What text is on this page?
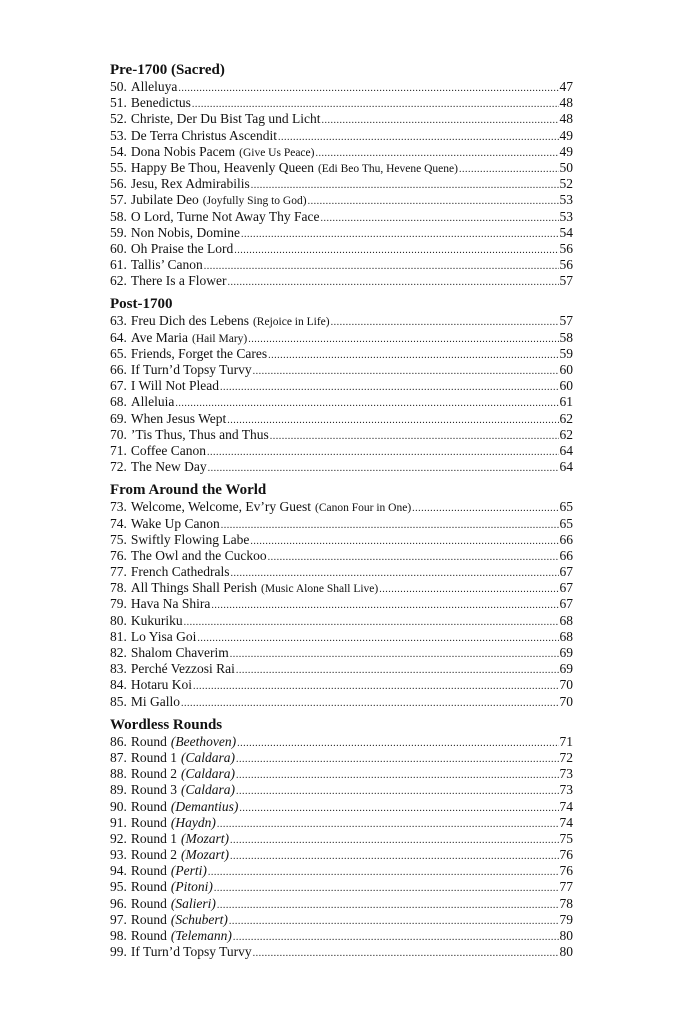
Pre-1700 (Sacred)
50. Alleluya .....	47
51. Benedictus .....	48
52. Christe, Der Du Bist Tag und Licht .....	48
53. De Terra Christus Ascendit .....	49
54. Dona Nobis Pacem (Give Us Peace) .....	49
55. Happy Be Thou, Heavenly Queen (Edi Beo Thu, Hevene Quene) .....	50
56. Jesu, Rex Admirabilis .....	52
57. Jubilate Deo (Joyfully Sing to God) .....	53
58. O Lord, Turne Not Away Thy Face .....	53
59. Non Nobis, Domine .....	54
60. Oh Praise the Lord .....	56
61. Tallis’ Canon .....	56
62. There Is a Flower .....	57
Post-1700
63. Freu Dich des Lebens (Rejoice in Life) .....	57
64. Ave Maria (Hail Mary) .....	58
65. Friends, Forget the Cares .....	59
66. If Turn’d Topsy Turvy .....	60
67. I Will Not Plead .....	60
68. Alleluia .....	61
69. When Jesus Wept .....	62
70. ’Tis Thus, Thus and Thus .....	62
71. Coffee Canon .....	64
72. The New Day .....	64
From Around the World
73. Welcome, Welcome, Ev’ry Guest (Canon Four in One) .....	65
74. Wake Up Canon .....	65
75. Swiftly Flowing Labe .....	66
76. The Owl and the Cuckoo .....	66
77. French Cathedrals .....	67
78. All Things Shall Perish (Music Alone Shall Live) .....	67
79. Hava Na Shira .....	67
80. Kukuriku .....	68
81. Lo Yisa Goi .....	68
82. Shalom Chaverim .....	69
83. Perché Vezzosi Rai .....	69
84. Hotaru Koi .....	70
85. Mi Gallo .....	70
Wordless Rounds
86. Round (Beethoven) .....	71
87. Round 1 (Caldara) .....	72
88. Round 2 (Caldara) .....	73
89. Round 3 (Caldara) .....	73
90. Round (Demantius) .....	74
91. Round (Haydn) .....	74
92. Round 1 (Mozart) .....	75
93. Round 2 (Mozart) .....	76
94. Round (Perti) .....	76
95. Round (Pitoni) .....	77
96. Round (Salieri) .....	78
97. Round (Schubert) .....	79
98. Round (Telemann) .....	80
99. If Turn’d Topsy Turvy .....	80
